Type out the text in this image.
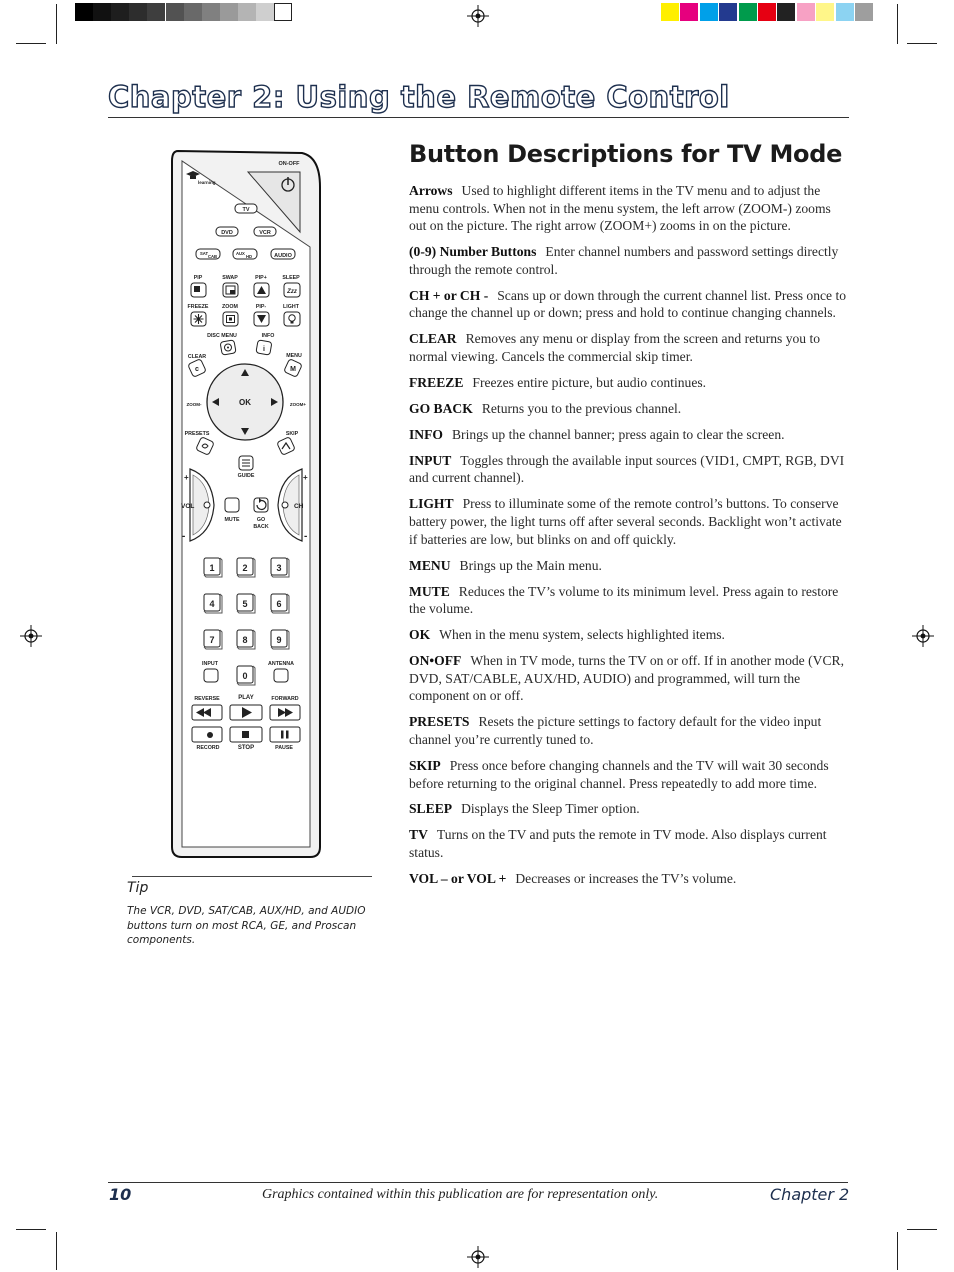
Chapter 2: Using the Remote Control
ON-OFF
learning
TV
DVD	VCR
SAT
CAB
AUX
HD	AUDIO
PIP	SWAP	PIP+	SLEEP
Zzz
FREEZE	ZOOM	PIP-	LIGHT
DISC MENU	INFO
i
CLEAR	MENU
c	M
OK
ZOOM-	ZOOM+
PRESETS	SKIP
GUIDE
+
VOL
-
+
CH
-
MUTE	GO
BACK
1	2	3
4	5	6
7	8	9
INPUT	ANTENNA
0
REVERSE	PLAY	FORWARD
RECORD	STOP	PAUSE
Tip
The VCR, DVD, SAT/CAB, AUX/HD, and AUDIO buttons turn on most RCA, GE, and Proscan components.
Button Descriptions for TV Mode

Arrows Used to highlight different items in the TV menu and to adjust the menu controls. When not in the menu system, the left arrow (ZOOM-) zooms out on the picture. The right arrow (ZOOM+) zooms in on the picture.

(0-9) Number Buttons Enter channel numbers and password settings directly through the remote control.

CH + or CH - Scans up or down through the current channel list. Press once to change the channel up or down; press and hold to continue changing channels.

CLEAR Removes any menu or display from the screen and returns you to normal viewing. Cancels the commercial skip timer.

FREEZE Freezes entire picture, but audio continues.

GO BACK Returns you to the previous channel.

INFO Brings up the channel banner; press again to clear the screen.

INPUT Toggles through the available input sources (VID1, CMPT, RGB, DVI and current channel).

LIGHT Press to illuminate some of the remote control’s buttons. To conserve battery power, the light turns off after several seconds. Backlight won’t activate if batteries are low, but blinks on and off quickly.

MENU Brings up the Main menu.

MUTE Reduces the TV’s volume to its minimum level. Press again to restore the volume.

OK When in the menu system, selects highlighted items.

ON•OFF When in TV mode, turns the TV on or off. If in another mode (VCR, DVD, SAT/CABLE, AUX/HD, AUDIO) and programmed, will turn the component on or off.

PRESETS Resets the picture settings to factory default for the video input channel you’re currently tuned to.

SKIP Press once before changing channels and the TV will wait 30 seconds before returning to the original channel. Press repeatedly to add more time.

SLEEP Displays the Sleep Timer option.

TV Turns on the TV and puts the remote in TV mode. Also displays current status.

VOL – or VOL + Decreases or increases the TV’s volume.

10	Graphics contained within this publication are for representation only.	Chapter 2
